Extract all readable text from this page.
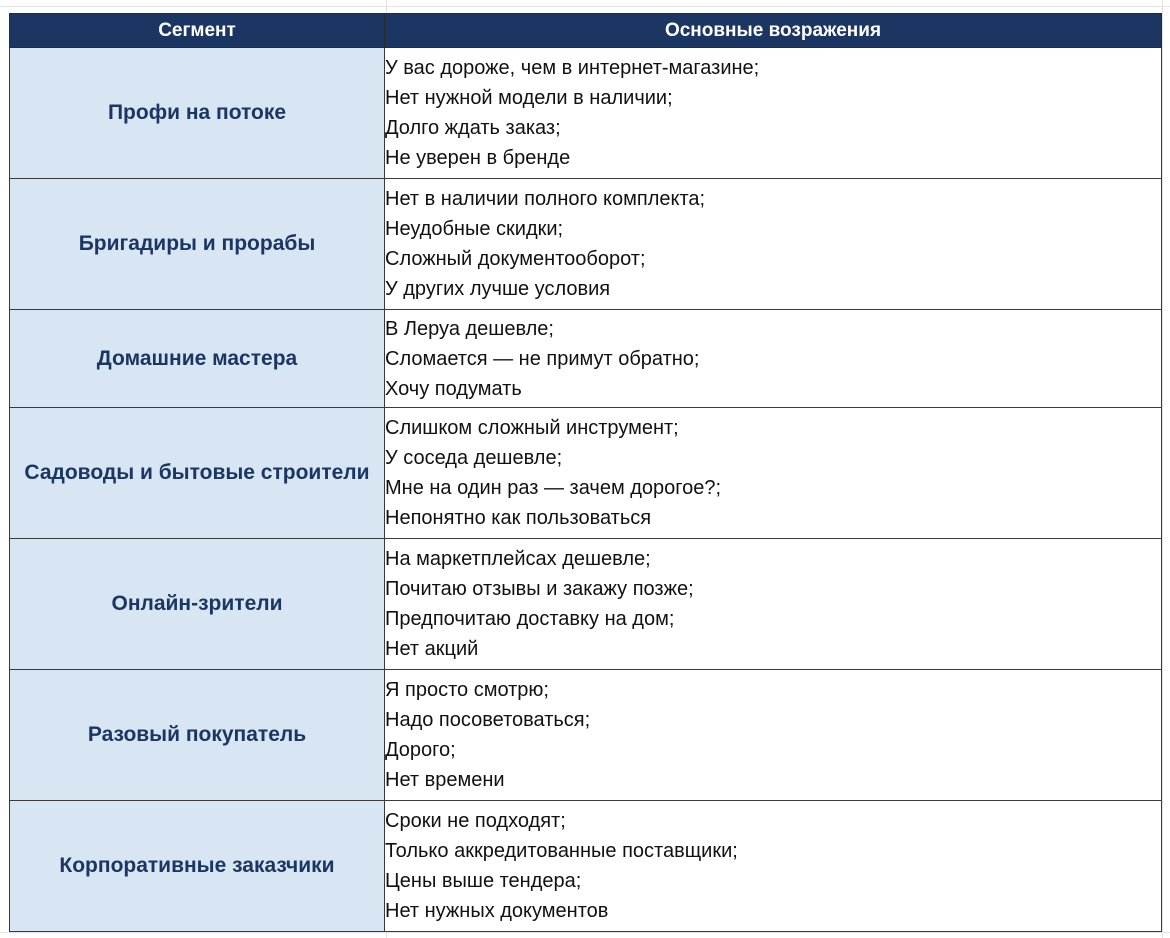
Сегмент	Основные возражения
Профи на потоке	У вас дороже, чем в интернет-магазине;
Нет нужной модели в наличии;
Долго ждать заказ;
Не уверен в бренде

Бригадиры и прорабы	Нет в наличии полного комплекта;
Неудобные скидки;
Сложный документооборот;
У других лучше условия

Домашние мастера	В Леруа дешевле;
Сломается — не примут обратно;
Хочу подумать

Садоводы и бытовые строители	Слишком сложный инструмент;
У соседа дешевле;
Мне на один раз — зачем дорогое?;
Непонятно как пользоваться

Онлайн-зрители	На маркетплейсах дешевле;
Почитаю отзывы и закажу позже;
Предпочитаю доставку на дом;
Нет акций

Разовый покупатель	Я просто смотрю;
Надо посоветоваться;
Дорого;
Нет времени

Корпоративные заказчики	Сроки не подходят;
Только аккредитованные поставщики;
Цены выше тендера;
Нет нужных документов
